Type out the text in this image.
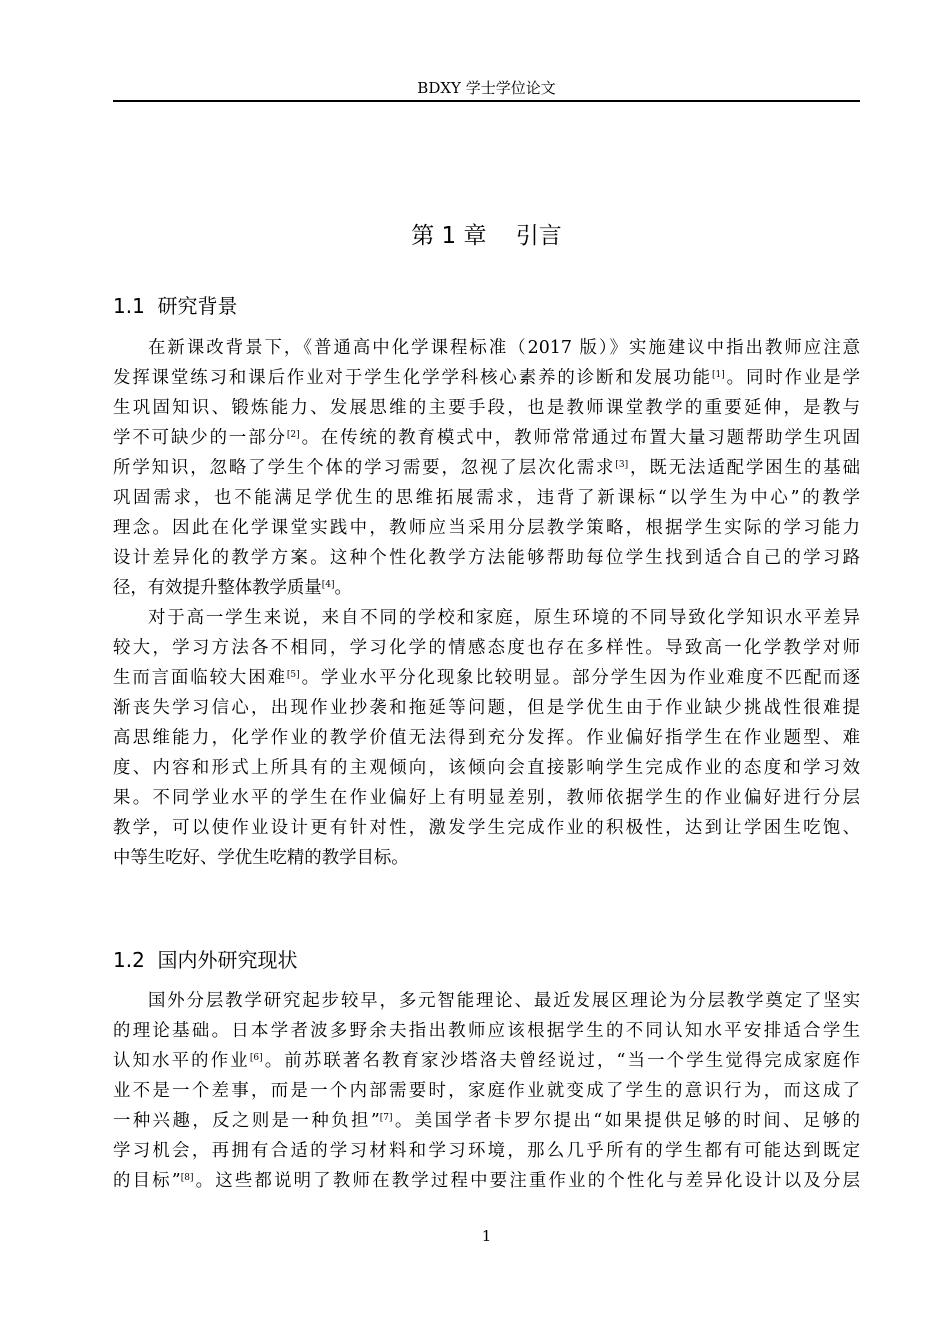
BDXY 学士学位论文
第 1 章    引言
1.1  研究背景
在新课改背景下，《普通高中化学课程标准（2017 版）》实施建议中指出教师应注意
发挥课堂练习和课后作业对于学生化学学科核心素养的诊断和发展功能[1]。同时作业是学
生巩固知识、锻炼能力、发展思维的主要手段，也是教师课堂教学的重要延伸，是教与
学不可缺少的一部分[2]。在传统的教育模式中，教师常常通过布置大量习题帮助学生巩固
所学知识，忽略了学生个体的学习需要，忽视了层次化需求[3]，既无法适配学困生的基础
巩固需求，也不能满足学优生的思维拓展需求，违背了新课标“以学生为中心”的教学
理念。因此在化学课堂实践中，教师应当采用分层教学策略，根据学生实际的学习能力
设计差异化的教学方案。这种个性化教学方法能够帮助每位学生找到适合自己的学习路
径，有效提升整体教学质量[4]。
对于高一学生来说，来自不同的学校和家庭，原生环境的不同导致化学知识水平差异
较大，学习方法各不相同，学习化学的情感态度也存在多样性。导致高一化学教学对师
生而言面临较大困难[5]。学业水平分化现象比较明显。部分学生因为作业难度不匹配而逐
渐丧失学习信心，出现作业抄袭和拖延等问题，但是学优生由于作业缺少挑战性很难提
高思维能力，化学作业的教学价值无法得到充分发挥。作业偏好指学生在作业题型、难
度、内容和形式上所具有的主观倾向，该倾向会直接影响学生完成作业的态度和学习效
果。不同学业水平的学生在作业偏好上有明显差别，教师依据学生的作业偏好进行分层
教学，可以使作业设计更有针对性，激发学生完成作业的积极性，达到让学困生吃饱、
中等生吃好、学优生吃精的教学目标。
1.2  国内外研究现状
国外分层教学研究起步较早，多元智能理论、最近发展区理论为分层教学奠定了坚实
的理论基础。日本学者波多野余夫指出教师应该根据学生的不同认知水平安排适合学生
认知水平的作业[6]。前苏联著名教育家沙塔洛夫曾经说过，“当一个学生觉得完成家庭作
业不是一个差事，而是一个内部需要时，家庭作业就变成了学生的意识行为，而这成了
一种兴趣，反之则是一种负担”[7]。美国学者卡罗尔提出“如果提供足够的时间、足够的
学习机会，再拥有合适的学习材料和学习环境，那么几乎所有的学生都有可能达到既定
的目标”[8]。这些都说明了教师在教学过程中要注重作业的个性化与差异化设计以及分层
1
